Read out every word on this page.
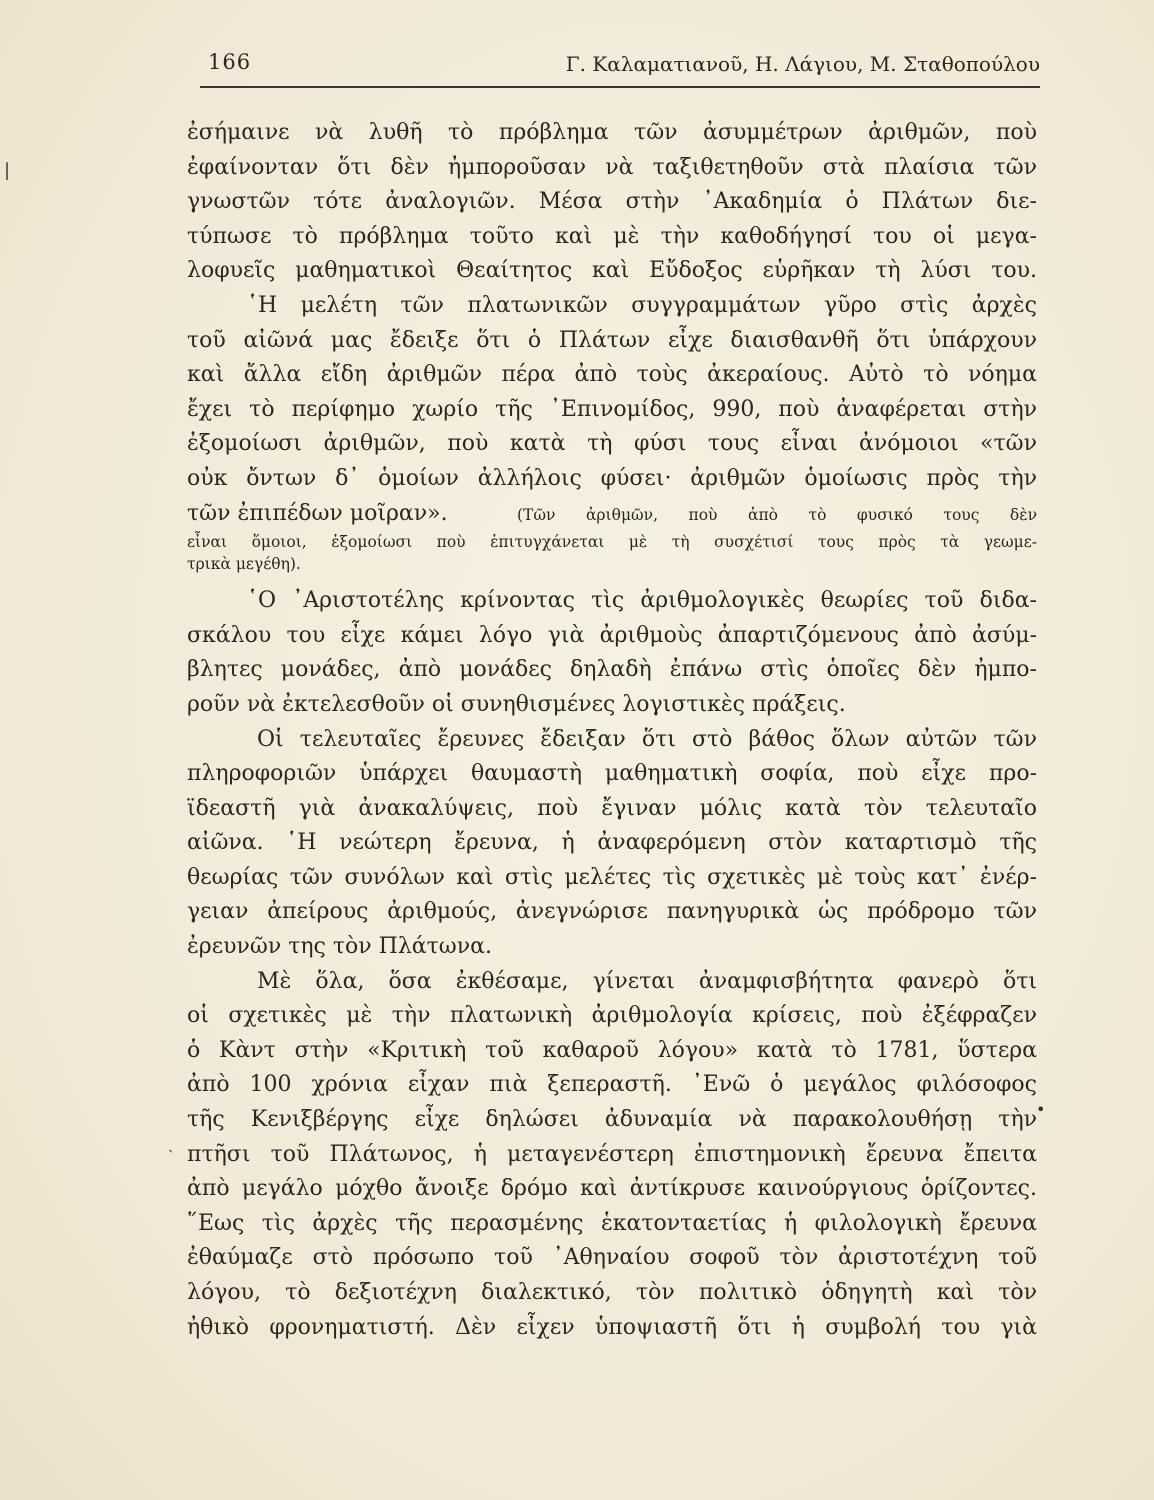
166	Γ. Καλαματιανοῦ, Η. Λάγιου, Μ. Σταθοπούλου
ἐσήμαινε νὰ λυθῆ τὸ πρόβλημα τῶν ἀσυμμέτρων ἀριθμῶν, ποὺ
ἐφαίνονταν ὅτι δὲν ἠμποροῦσαν νὰ ταξιθετηθοῦν στὰ πλαίσια τῶν
γνωστῶν τότε ἀναλογιῶν. Μέσα στὴν ᾿Ακαδημία ὁ Πλάτων διε-
τύπωσε τὸ πρόβλημα τοῦτο καὶ μὲ τὴν καθοδήγησί του οἱ μεγα-
λοφυεῖς μαθηματικοὶ Θεαίτητος καὶ Εὔδοξος εὑρῆκαν τὴ λύσι του.
῾Η μελέτη τῶν πλατωνικῶν συγγραμμάτων γῦρο στὶς ἀρχὲς
τοῦ αἰῶνά μας ἔδειξε ὅτι ὁ Πλάτων εἶχε διαισθανθῆ ὅτι ὑπάρχουν
καὶ ἄλλα εἴδη ἀριθμῶν πέρα ἀπὸ τοὺς ἀκεραίους. Αὐτὸ τὸ νόημα
ἔχει τὸ περίφημο χωρίο τῆς ᾿Επινομίδος, 990, ποὺ ἀναφέρεται στὴν
ἐξομοίωσι ἀριθμῶν, ποὺ κατὰ τὴ φύσι τους εἶναι ἀνόμοιοι «τῶν
οὐκ ὄντων δ᾿ ὁμοίων ἀλλήλοις φύσει· ἀριθμῶν ὁμοίωσις πρὸς τὴν
τῶν ἐπιπέδων μοῖραν».	(Τῶν ἀριθμῶν, ποὺ ἀπὸ τὸ φυσικό τους δὲν
εἶναι ὅμοιοι, ἐξομοίωσι ποὺ ἐπιτυγχάνεται μὲ τὴ συσχέτισί τους πρὸς τὰ γεωμε-
τρικὰ μεγέθη).
῾Ο ᾿Αριστοτέλης κρίνοντας τὶς ἀριθμολογικὲς θεωρίες τοῦ διδα-
σκάλου του εἶχε κάμει λόγο γιὰ ἀριθμοὺς ἀπαρτιζόμενους ἀπὸ ἀσύμ-
βλητες μονάδες, ἀπὸ μονάδες δηλαδὴ ἐπάνω στὶς ὁποῖες δὲν ἠμπο-
ροῦν νὰ ἐκτελεσθοῦν οἱ συνηθισμένες λογιστικὲς πράξεις.
Οἱ τελευταῖες ἔρευνες ἔδειξαν ὅτι στὸ βάθος ὅλων αὐτῶν τῶν
πληροφοριῶν ὑπάρχει θαυμαστὴ μαθηματικὴ σοφία, ποὺ εἶχε προ-
ϊδεαστῆ γιὰ ἀνακαλύψεις, ποὺ ἔγιναν μόλις κατὰ τὸν τελευταῖο
αἰῶνα. ῾Η νεώτερη ἔρευνα, ἡ ἀναφερόμενη στὸν καταρτισμὸ τῆς
θεωρίας τῶν συνόλων καὶ στὶς μελέτες τὶς σχετικὲς μὲ τοὺς κατ᾿ ἐνέρ-
γειαν ἀπείρους ἀριθμούς, ἀνεγνώρισε πανηγυρικὰ ὡς πρόδρομο τῶν
ἐρευνῶν της τὸν Πλάτωνα.
Μὲ ὅλα, ὅσα ἐκθέσαμε, γίνεται ἀναμφισβήτητα φανερὸ ὅτι
οἱ σχετικὲς μὲ τὴν πλατωνικὴ ἀριθμολογία κρίσεις, ποὺ ἐξέφραζεν
ὁ Κὰντ στὴν «Κριτικὴ τοῦ καθαροῦ λόγου» κατὰ τὸ 1781, ὕστερα
ἀπὸ 100 χρόνια εἶχαν πιὰ ξεπεραστῆ. ᾿Ενῶ ὁ μεγάλος φιλόσοφος
τῆς Κενιξβέργης εἶχε δηλώσει ἀδυναμία νὰ παρακολουθήσῃ τὴν
πτῆσι τοῦ Πλάτωνος, ἡ μεταγενέστερη ἐπιστημονικὴ ἔρευνα ἔπειτα
ἀπὸ μεγάλο μόχθο ἄνοιξε δρόμο καὶ ἀντίκρυσε καινούργιους ὁρίζοντες.
῞Εως τὶς ἀρχὲς τῆς περασμένης ἑκατονταετίας ἡ φιλολογικὴ ἔρευνα
ἐθαύμαζε στὸ πρόσωπο τοῦ ᾿Αθηναίου σοφοῦ τὸν ἀριστοτέχνη τοῦ
λόγου, τὸ δεξιοτέχνη διαλεκτικό, τὸν πολιτικὸ ὁδηγητὴ καὶ τὸν
ἠθικὸ φρονηματιστή. Δὲν εἶχεν ὑποψιαστῆ ὅτι ἡ συμβολή του γιὰ
•
ˎ
|
